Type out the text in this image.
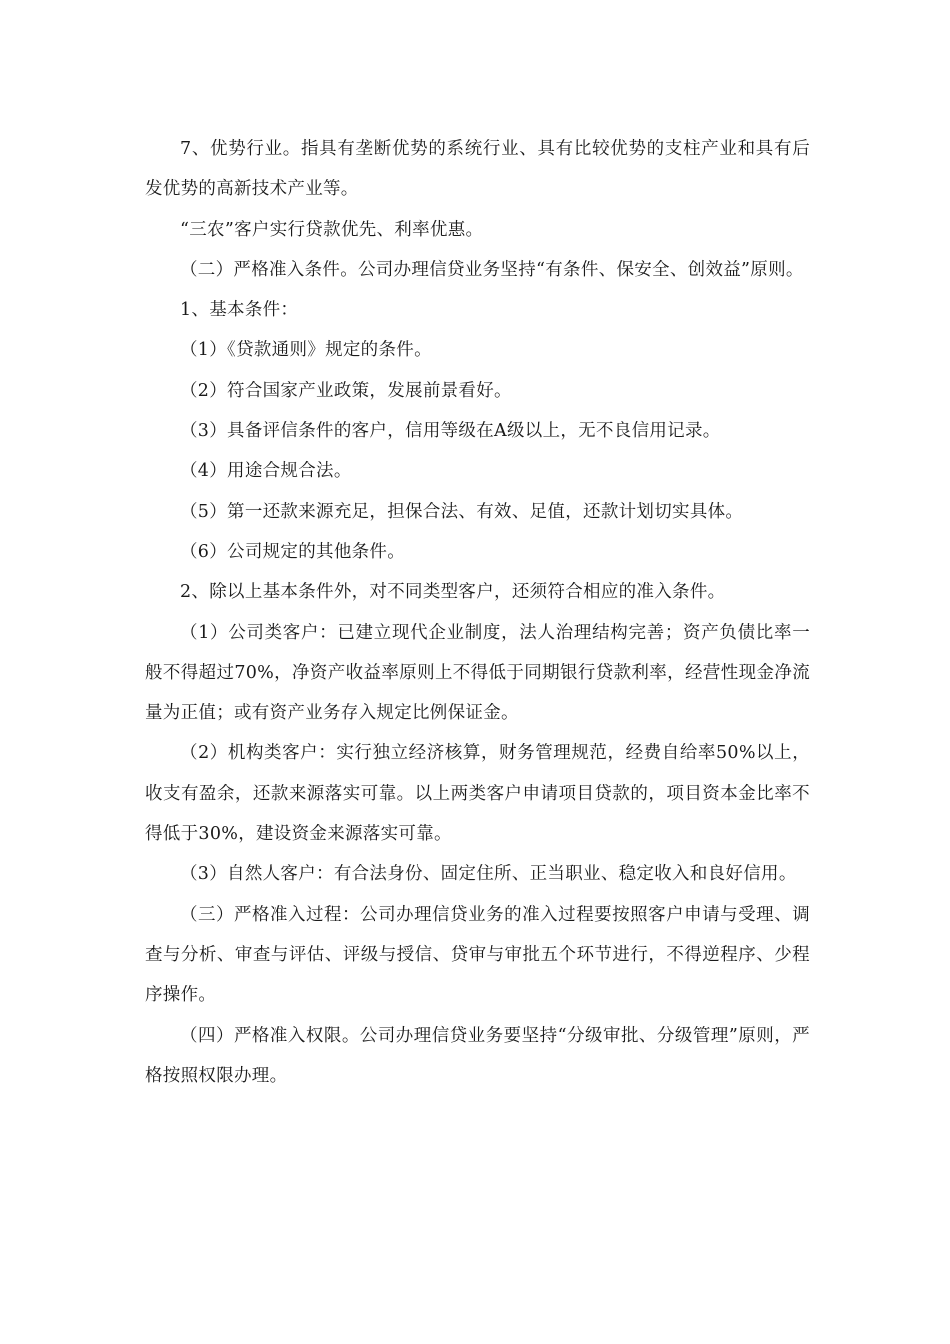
7、优势行业。指具有垄断优势的系统行业、具有比较优势的支柱产业和具有后发优势的高新技术产业等。

“三农”客户实行贷款优先、利率优惠。

（二）严格准入条件。公司办理信贷业务坚持“有条件、保安全、创效益”原则。

1、基本条件：

（1）《贷款通则》规定的条件。

（2）符合国家产业政策，发展前景看好。

（3）具备评信条件的客户，信用等级在A级以上，无不良信用记录。

（4）用途合规合法。

（5）第一还款来源充足，担保合法、有效、足值，还款计划切实具体。

（6）公司规定的其他条件。

2、除以上基本条件外，对不同类型客户，还须符合相应的准入条件。

（1）公司类客户：已建立现代企业制度，法人治理结构完善；资产负债比率一般不得超过70%，净资产收益率原则上不得低于同期银行贷款利率，经营性现金净流量为正值；或有资产业务存入规定比例保证金。

（2）机构类客户：实行独立经济核算，财务管理规范，经费自给率50%以上，收支有盈余，还款来源落实可靠。以上两类客户申请项目贷款的，项目资本金比率不得低于30%，建设资金来源落实可靠。

（3）自然人客户：有合法身份、固定住所、正当职业、稳定收入和良好信用。

（三）严格准入过程：公司办理信贷业务的准入过程要按照客户申请与受理、调查与分析、审查与评估、评级与授信、贷审与审批五个环节进行，不得逆程序、少程序操作。

（四）严格准入权限。公司办理信贷业务要坚持“分级审批、分级管理”原则，严格按照权限办理。
